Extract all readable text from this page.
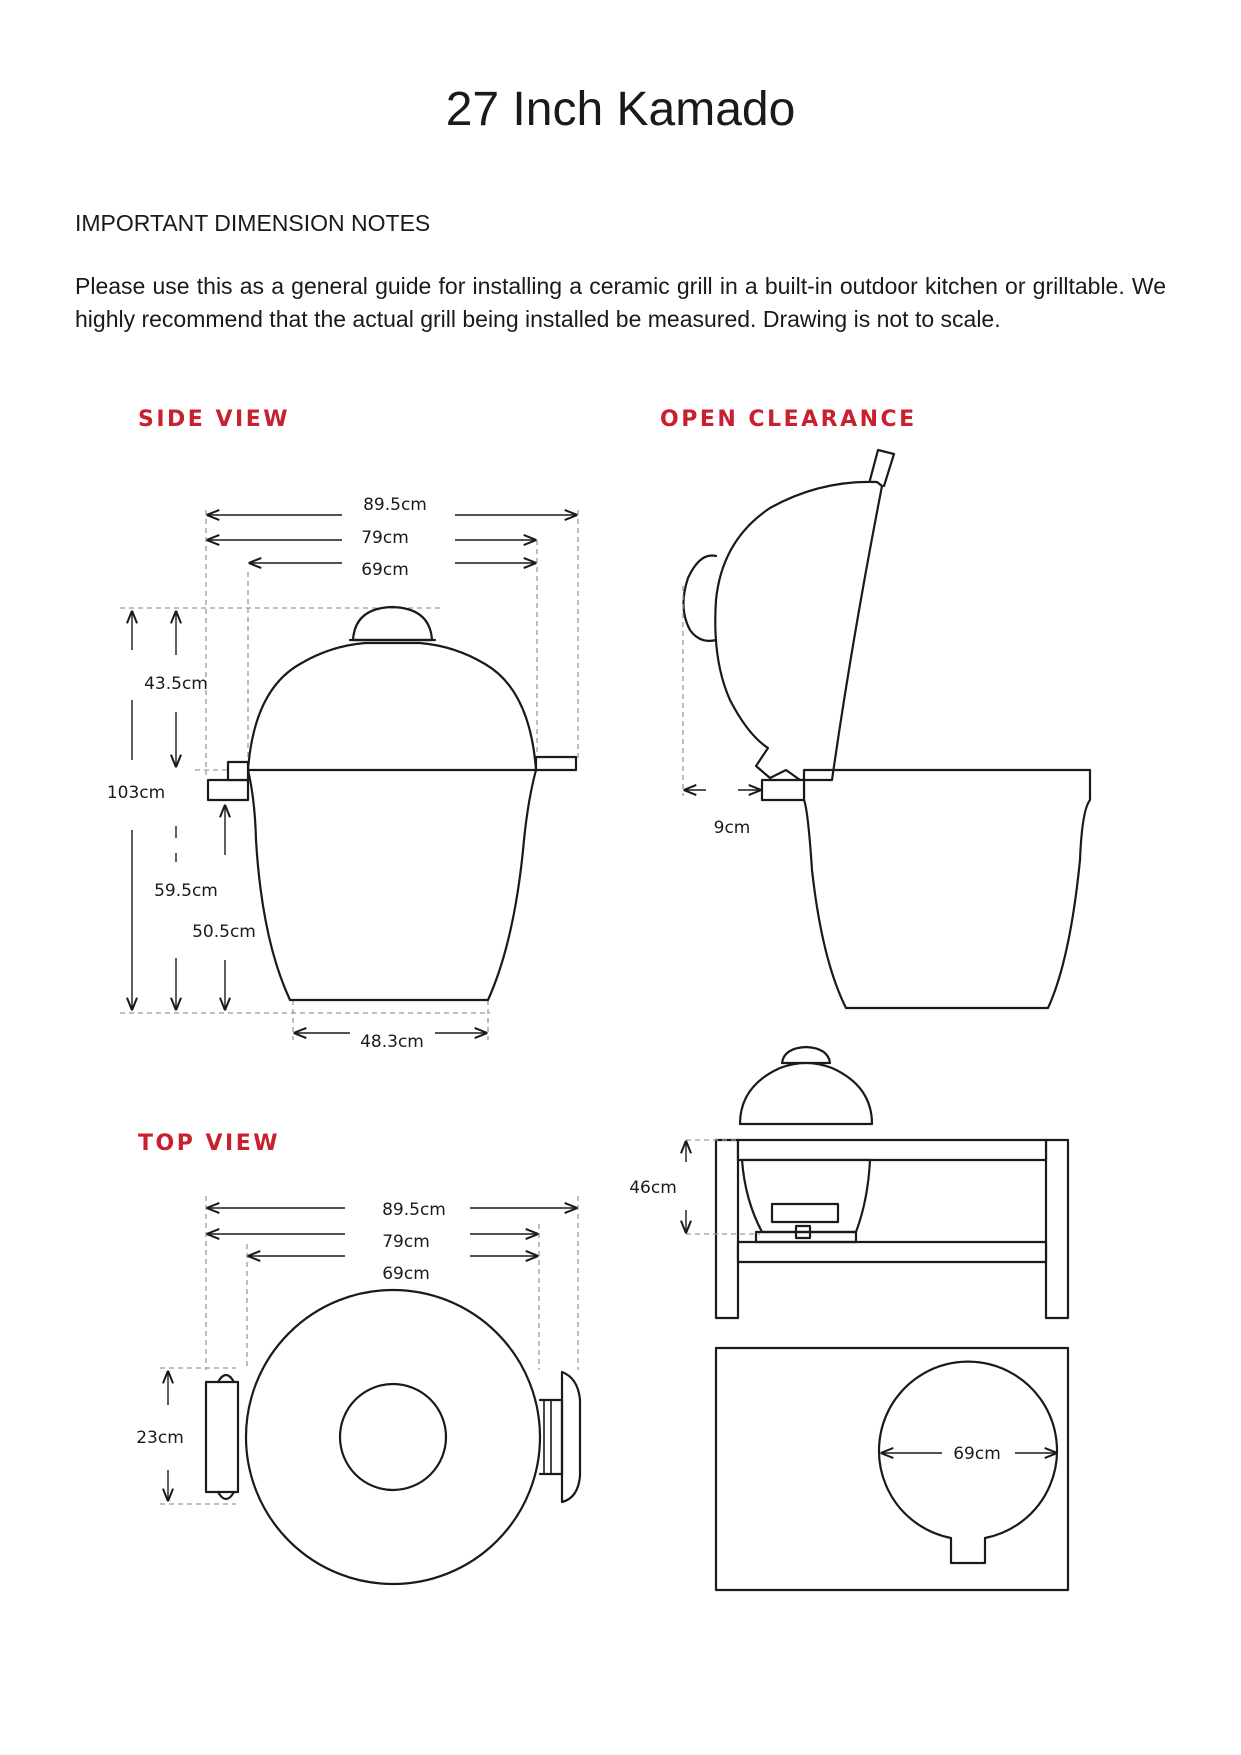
27 Inch Kamado

IMPORTANT DIMENSION NOTES

Please use this as a general guide for installing a ceramic grill in a built-in outdoor kitchen or grilltable. We highly recommend that the actual grill being installed be measured. Drawing is not to scale.

SIDE VIEW
89.5cm
79cm
69cm
48.3cm
43.5cm
103cm
59.5cm
50.5cm
OPEN CLEARANCE
9cm
TOP VIEW
89.5cm
79cm
69cm
23cm
46cm
69cm
